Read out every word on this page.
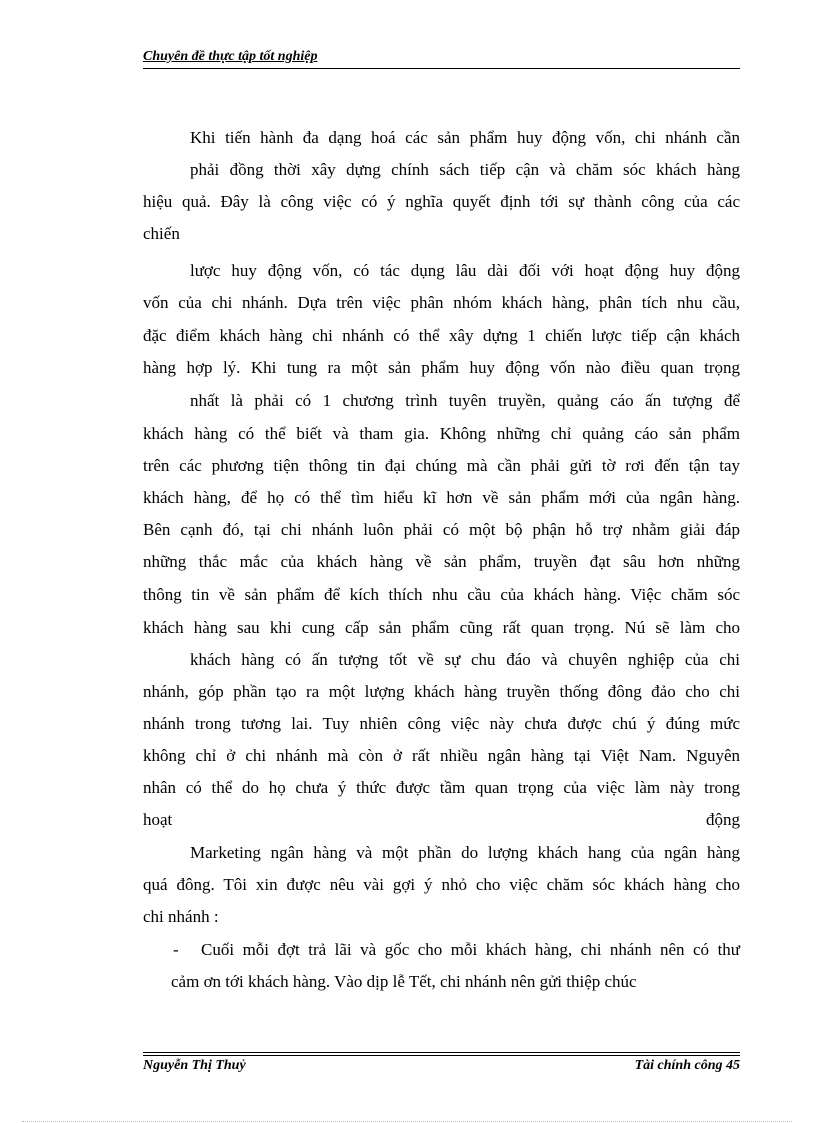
Chuyên đề thực tập tốt nghiệp
Khi tiến hành đa dạng hoá các sản phẩm huy động vốn, chi nhánh cần
phải đồng thời xây dựng chính sách tiếp cận và chăm sóc khách hàng
hiệu quả. Đây là công việc có ý nghĩa quyết định tới sự thành công của các
chiến
lược huy động vốn, có tác dụng lâu dài đối với hoạt động huy động
vốn của chi nhánh. Dựa trên việc phân nhóm khách hàng, phân tích nhu cầu,
đặc điểm khách hàng chi nhánh có thể xây dựng 1 chiến lược tiếp cận khách
hàng hợp lý. Khi tung ra một sản phẩm huy động vốn nào điều quan trọng
nhất là phải có 1 chương trình tuyên truyền, quảng cáo ấn tượng để
khách hàng có thể biết và tham gia. Không những chỉ quảng cáo sản phẩm
trên các phương tiện thông tin đại chúng mà cần phải gửi tờ rơi đến tận tay
khách hàng, để họ có thể tìm hiểu kĩ hơn về sản phẩm mới của ngân hàng.
Bên cạnh đó, tại chi nhánh luôn phải có một bộ phận hỗ trợ nhằm giải đáp
những thắc mắc của khách hàng về sản phẩm, truyền đạt sâu hơn những
thông tin về sản phẩm để kích thích nhu cầu của khách hàng. Việc chăm sóc
khách hàng sau khi cung cấp sản phẩm cũng rất quan trọng. Nú sẽ làm cho
khách hàng có ấn tượng tốt về sự chu đáo và chuyên nghiệp của chi
nhánh, góp phần tạo ra một lượng khách hàng truyền thống đông đảo cho chi
nhánh trong tương lai. Tuy nhiên công việc này chưa được chú ý đúng mức
không chỉ ở chi nhánh mà còn ở rất nhiều ngân hàng tại Việt Nam. Nguyên
nhân có thể do họ chưa ý thức được tầm quan trọng của việc làm này trong
hoạt	động
Marketing ngân hàng và một phần do lượng khách hang của ngân hàng
quá đông. Tôi xin được nêu vài gợi ý nhỏ cho việc chăm sóc khách hàng cho
chi nhánh :
- Cuối mỗi đợt trả lãi và gốc cho mỗi khách hàng, chi nhánh nên có thư
cảm ơn tới khách hàng. Vào dịp lễ Tết, chi nhánh nên gửi thiệp chúc
Nguyễn Thị Thuỷ	Tài chính công 45
